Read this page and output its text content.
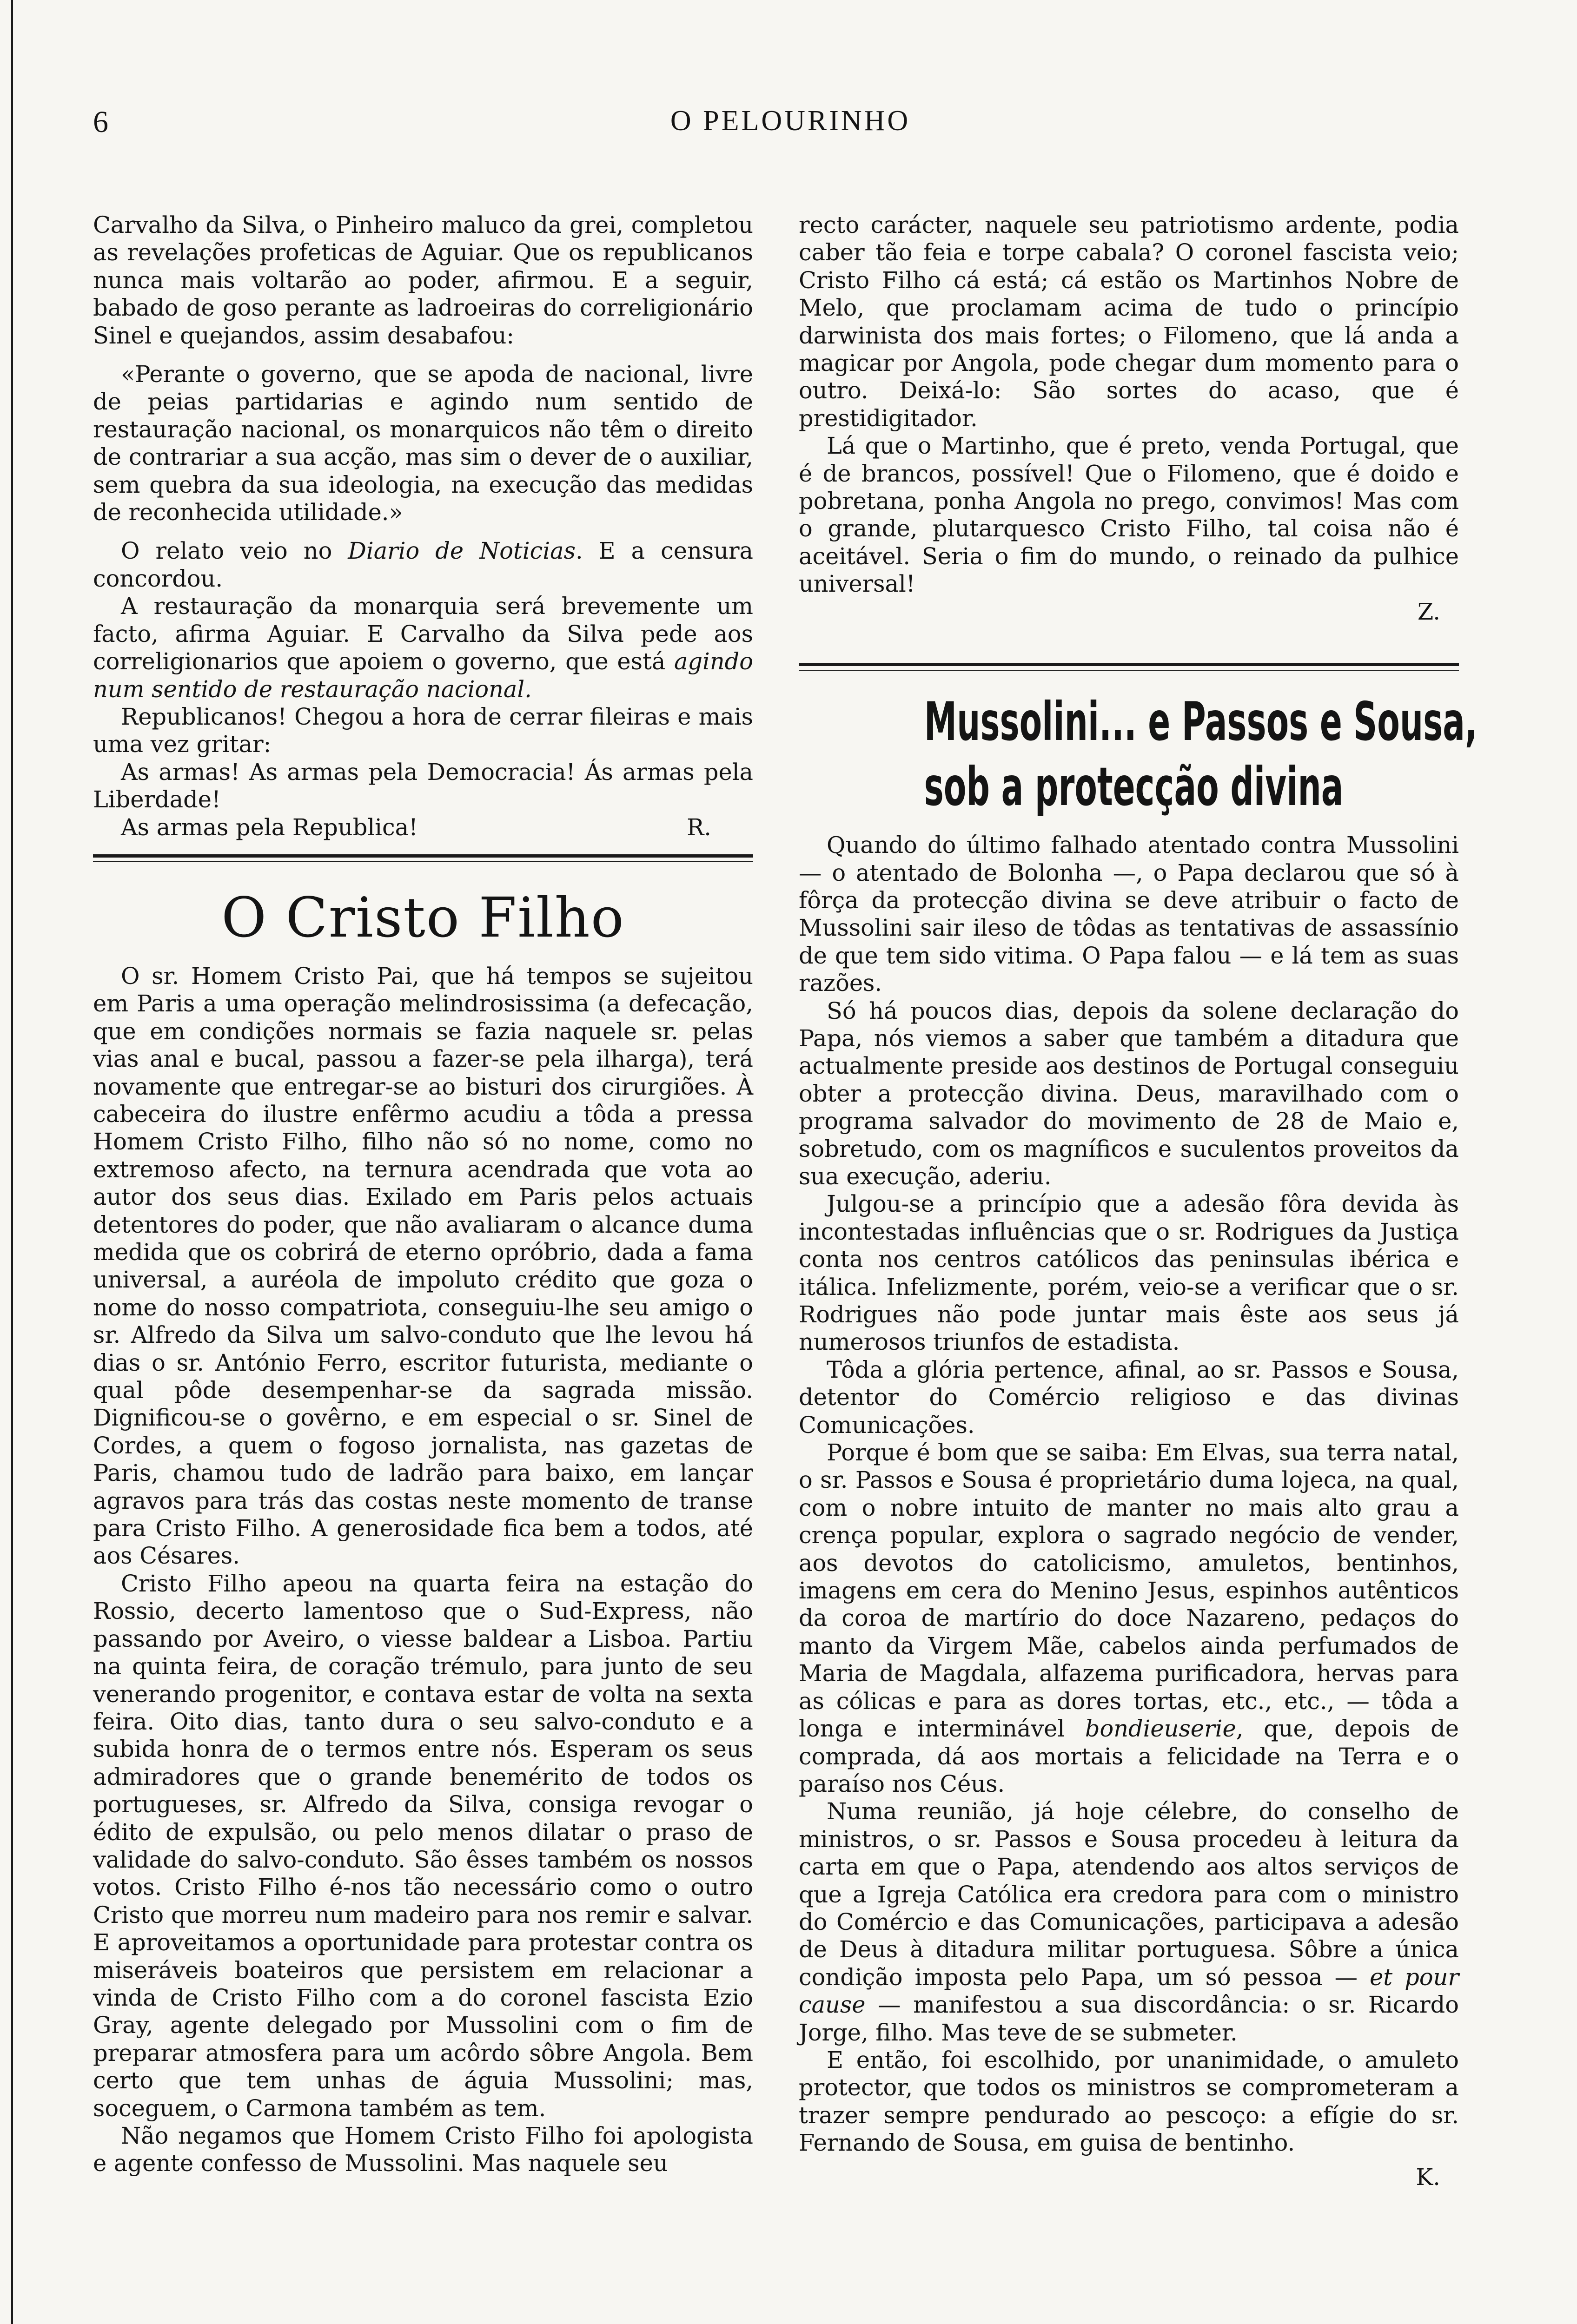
6	O PELOURINHO

Carvalho da Silva, o Pinheiro maluco da grei, completou as revelações profeticas de Aguiar. Que os republicanos nunca mais voltarão ao poder, afirmou. E a seguir, babado de goso perante as ladroeiras do correligionário Sinel e quejandos, assim desabafou:

«Perante o governo, que se apoda de nacional, livre de peias partidarias e agindo num sentido de restauração nacional, os monarquicos não têm o direito de contrariar a sua acção, mas sim o dever de o auxiliar, sem quebra da sua ideologia, na execução das medidas de reconhecida utilidade.»

O relato veio no Diario de Noticias. E a censura concordou.

A restauração da monarquia será brevemente um facto, afirma Aguiar. E Carvalho da Silva pede aos correligionarios que apoiem o governo, que está agindo num sentido de restauração nacional.

Republicanos! Chegou a hora de cerrar fileiras e mais uma vez gritar:

As armas! As armas pela Democracia! Ás armas pela Liberdade!

As armas pela Republica!	R.

O Cristo Filho

O sr. Homem Cristo Pai, que há tempos se sujeitou em Paris a uma operação melindrosissima (a defecação, que em condições normais se fazia naquele sr. pelas vias anal e bucal, passou a fazer-se pela ilharga), terá novamente que entregar-se ao bisturi dos cirurgiões. À cabeceira do ilustre enfêrmo acudiu a tôda a pressa Homem Cristo Filho, filho não só no nome, como no extremoso afecto, na ternura acendrada que vota ao autor dos seus dias. Exilado em Paris pelos actuais detentores do poder, que não avaliaram o alcance duma medida que os cobrirá de eterno opróbrio, dada a fama universal, a auréola de impoluto crédito que goza o nome do nosso compatriota, conseguiu-lhe seu amigo o sr. Alfredo da Silva um salvo-conduto que lhe levou há dias o sr. António Ferro, escritor futurista, mediante o qual pôde desempenhar-se da sagrada missão. Dignificou-se o govêrno, e em especial o sr. Sinel de Cordes, a quem o fogoso jornalista, nas gazetas de Paris, chamou tudo de ladrão para baixo, em lançar agravos para trás das costas neste momento de transe para Cristo Filho. A generosidade fica bem a todos, até aos Césares.

Cristo Filho apeou na quarta feira na estação do Rossio, decerto lamentoso que o Sud-Express, não passando por Aveiro, o viesse baldear a Lisboa. Partiu na quinta feira, de coração trémulo, para junto de seu venerando progenitor, e contava estar de volta na sexta feira. Oito dias, tanto dura o seu salvo-conduto e a subida honra de o termos entre nós. Esperam os seus admiradores que o grande benemérito de todos os portugueses, sr. Alfredo da Silva, consiga revogar o édito de expulsão, ou pelo menos dilatar o praso de validade do salvo-conduto. São êsses também os nossos votos. Cristo Filho é-nos tão necessário como o outro Cristo que morreu num madeiro para nos remir e salvar. E aproveitamos a oportunidade para protestar contra os miseráveis boateiros que persistem em relacionar a vinda de Cristo Filho com a do coronel fascista Ezio Gray, agente delegado por Mussolini com o fim de preparar atmosfera para um acôrdo sôbre Angola. Bem certo que tem unhas de águia Mussolini; mas, soceguem, o Carmona também as tem.

Não negamos que Homem Cristo Filho foi apologista e agente confesso de Mussolini. Mas naquele seu

recto carácter, naquele seu patriotismo ardente, podia caber tão feia e torpe cabala? O coronel fascista veio; Cristo Filho cá está; cá estão os Martinhos Nobre de Melo, que proclamam acima de tudo o princípio darwinista dos mais fortes; o Filomeno, que lá anda a magicar por Angola, pode chegar dum momento para o outro. Deixá-lo: São sortes do acaso, que é prestidigitador.

Lá que o Martinho, que é preto, venda Portugal, que é de brancos, possível! Que o Filomeno, que é doido e pobretana, ponha Angola no prego, convimos! Mas com o grande, plutarquesco Cristo Filho, tal coisa não é aceitável. Seria o fim do mundo, o reinado da pulhice universal!

Z.

Mussolini... e Passos e Sousa,
sob a protecção divina

Quando do último falhado atentado contra Mussolini — o atentado de Bolonha —, o Papa declarou que só à fôrça da protecção divina se deve atribuir o facto de Mussolini sair ileso de tôdas as tentativas de assassínio de que tem sido vitima. O Papa falou — e lá tem as suas razões.

Só há poucos dias, depois da solene declaração do Papa, nós viemos a saber que também a ditadura que actualmente preside aos destinos de Portugal conseguiu obter a protecção divina. Deus, maravilhado com o programa salvador do movimento de 28 de Maio e, sobretudo, com os magníficos e suculentos proveitos da sua execução, aderiu.

Julgou-se a princípio que a adesão fôra devida às incontestadas influências que o sr. Rodrigues da Justiça conta nos centros católicos das peninsulas ibérica e itálica. Infelizmente, porém, veio-se a verificar que o sr. Rodrigues não pode juntar mais êste aos seus já numerosos triunfos de estadista.

Tôda a glória pertence, afinal, ao sr. Passos e Sousa, detentor do Comércio religioso e das divinas Comunicações.

Porque é bom que se saiba: Em Elvas, sua terra natal, o sr. Passos e Sousa é proprietário duma lojeca, na qual, com o nobre intuito de manter no mais alto grau a crença popular, explora o sagrado negócio de vender, aos devotos do catolicismo, amuletos, bentinhos, imagens em cera do Menino Jesus, espinhos autênticos da coroa de martírio do doce Nazareno, pedaços do manto da Virgem Mãe, cabelos ainda perfumados de Maria de Magdala, alfazema purificadora, hervas para as cólicas e para as dores tortas, etc., etc., — tôda a longa e interminável bondieuserie, que, depois de comprada, dá aos mortais a felicidade na Terra e o paraíso nos Céus.

Numa reunião, já hoje célebre, do conselho de ministros, o sr. Passos e Sousa procedeu à leitura da carta em que o Papa, atendendo aos altos serviços de que a Igreja Católica era credora para com o ministro do Comércio e das Comunicações, participava a adesão de Deus à ditadura militar portuguesa. Sôbre a única condição imposta pelo Papa, um só pessoa — et pour cause — manifestou a sua discordância: o sr. Ricardo Jorge, filho. Mas teve de se submeter.

E então, foi escolhido, por unanimidade, o amuleto protector, que todos os ministros se comprometeram a trazer sempre pendurado ao pescoço: a efígie do sr. Fernando de Sousa, em guisa de bentinho.

K.
